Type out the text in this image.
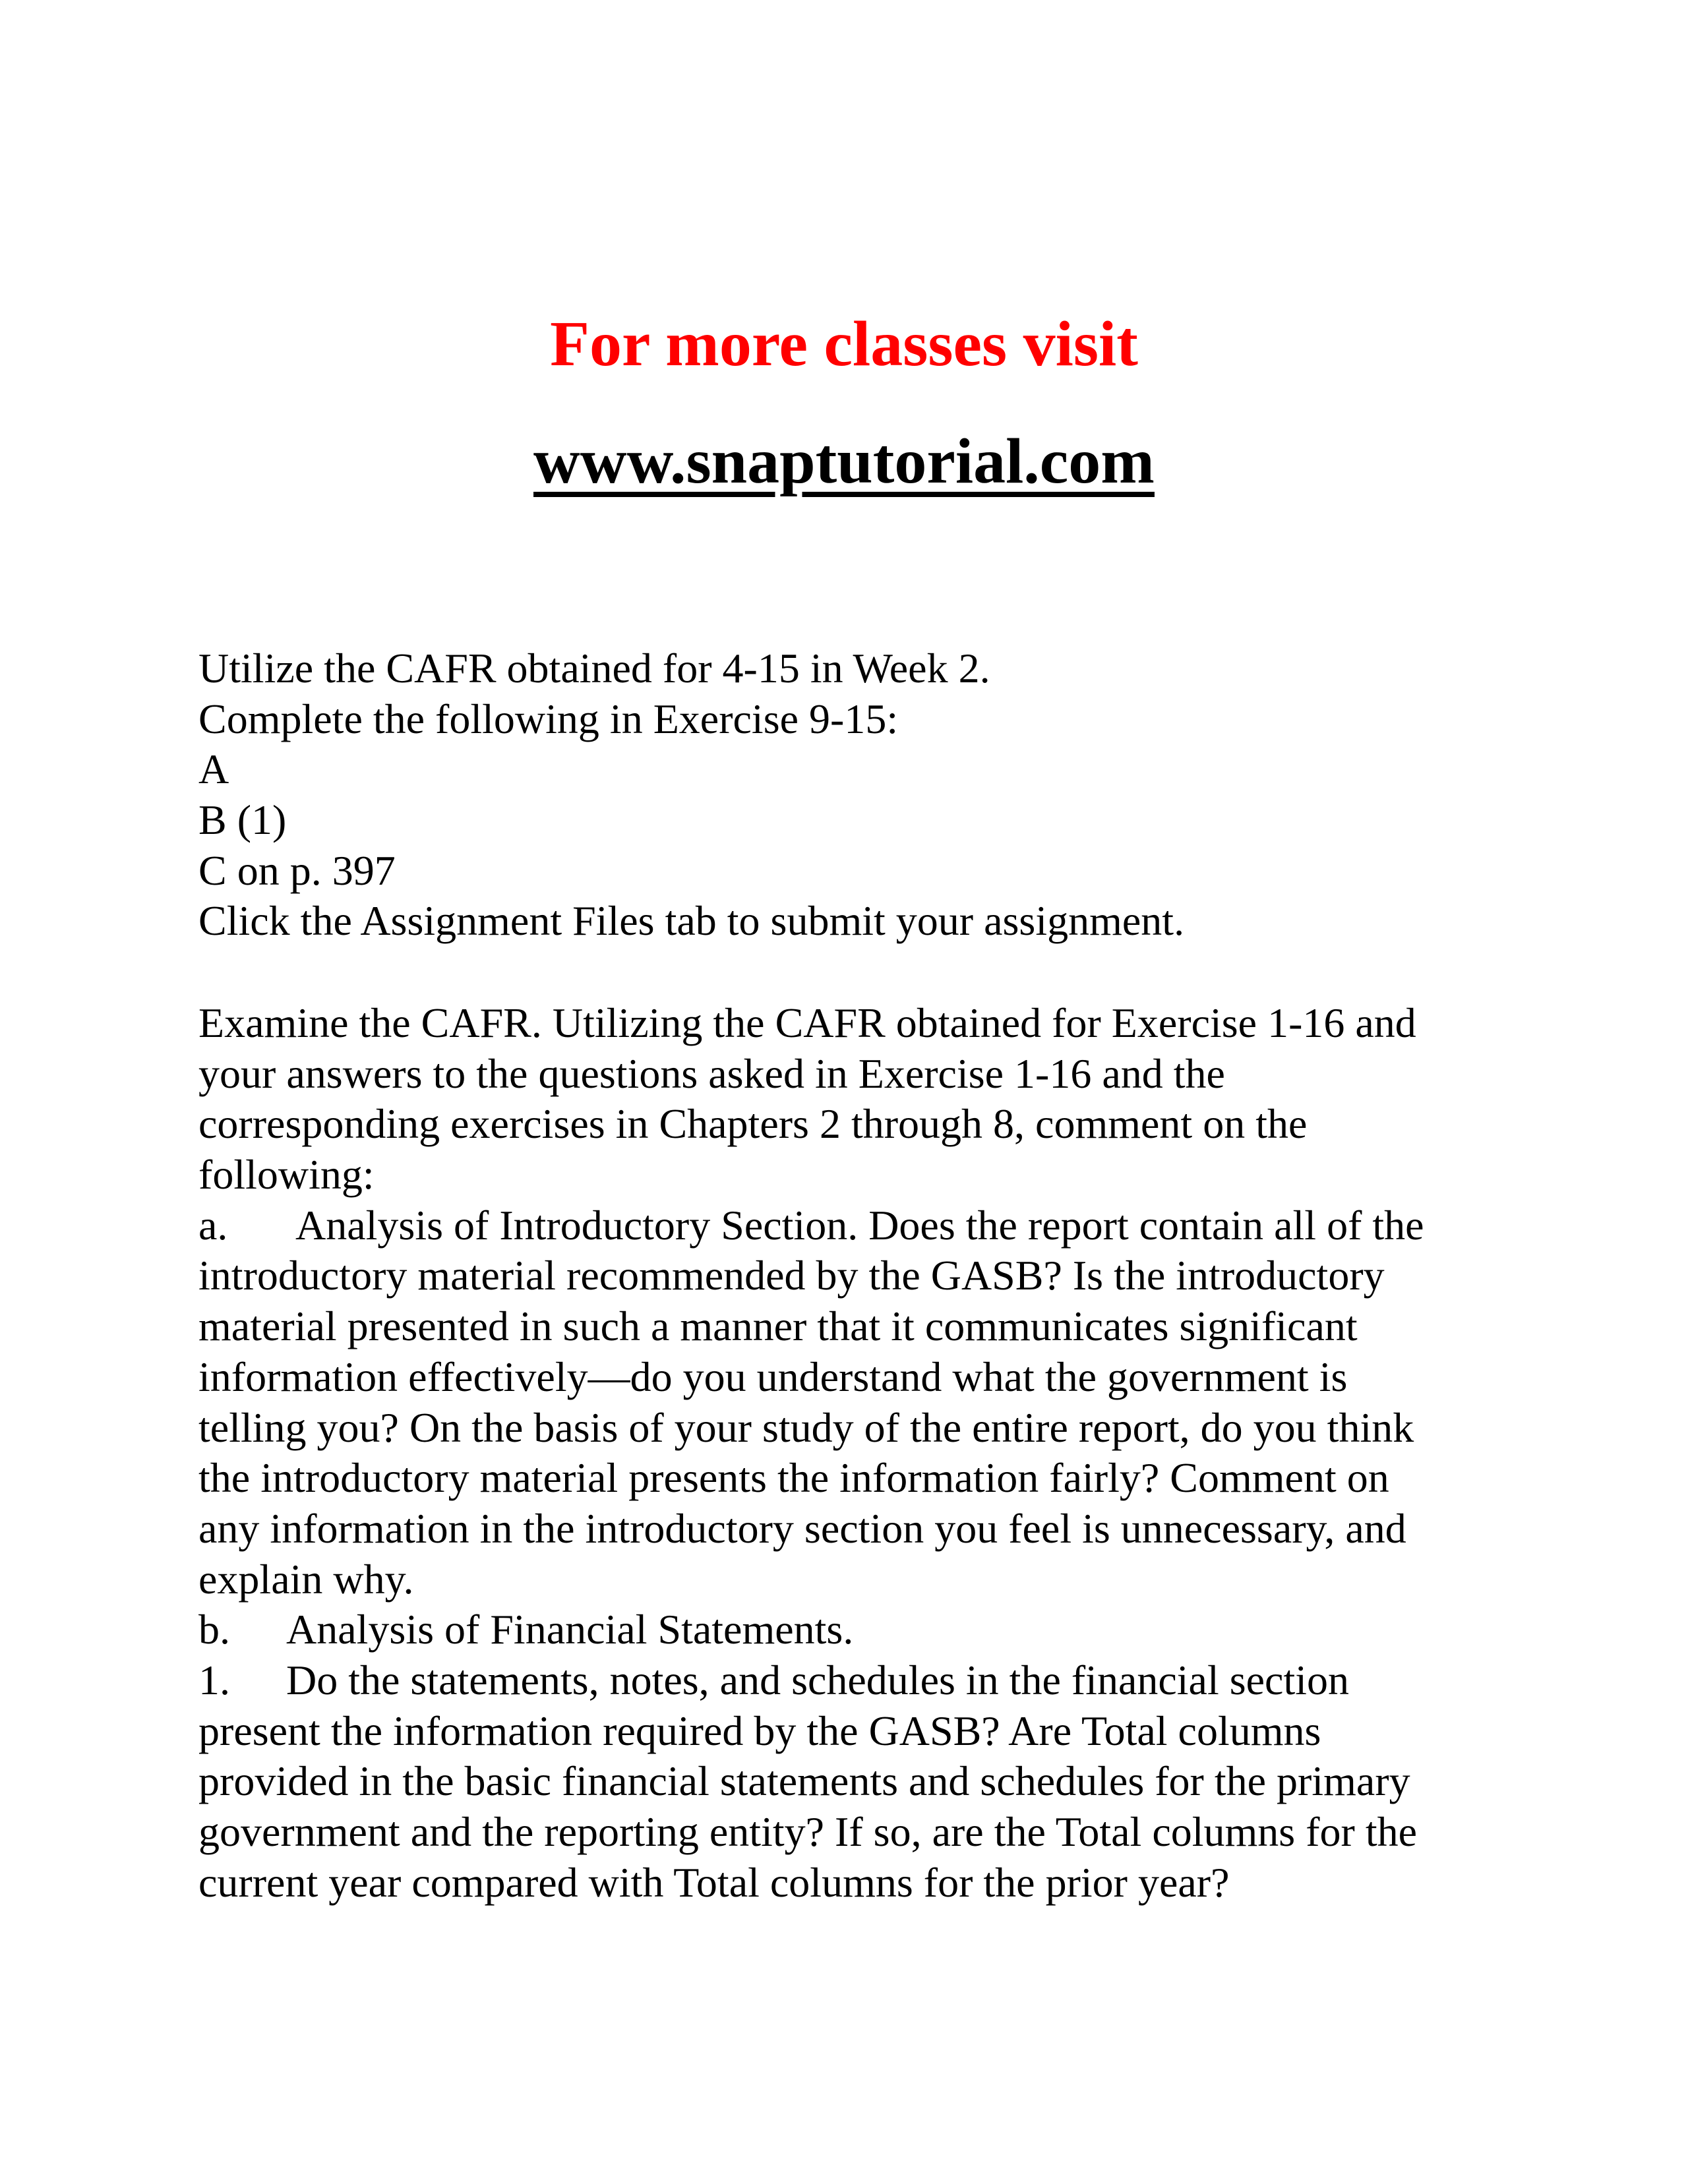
For more classes visit
www.snaptutorial.com
Utilize the CAFR obtained for 4-15 in Week 2.
Complete the following in Exercise 9-15:
A
B (1)
C on p. 397
Click the Assignment Files tab to submit your assignment.
Examine the CAFR. Utilizing the CAFR obtained for Exercise 1-16 and
your answers to the questions asked in Exercise 1-16 and the
corresponding exercises in Chapters 2 through 8, comment on the
following:
a. Analysis of Introductory Section. Does the report contain all of the
introductory material recommended by the GASB? Is the introductory
material presented in such a manner that it communicates significant
information effectively—do you understand what the government is
telling you? On the basis of your study of the entire report, do you think
the introductory material presents the information fairly? Comment on
any information in the introductory section you feel is unnecessary, and
explain why.
b. Analysis of Financial Statements.
1. Do the statements, notes, and schedules in the financial section
present the information required by the GASB? Are Total columns
provided in the basic financial statements and schedules for the primary
government and the reporting entity? If so, are the Total columns for the
current year compared with Total columns for the prior year?
